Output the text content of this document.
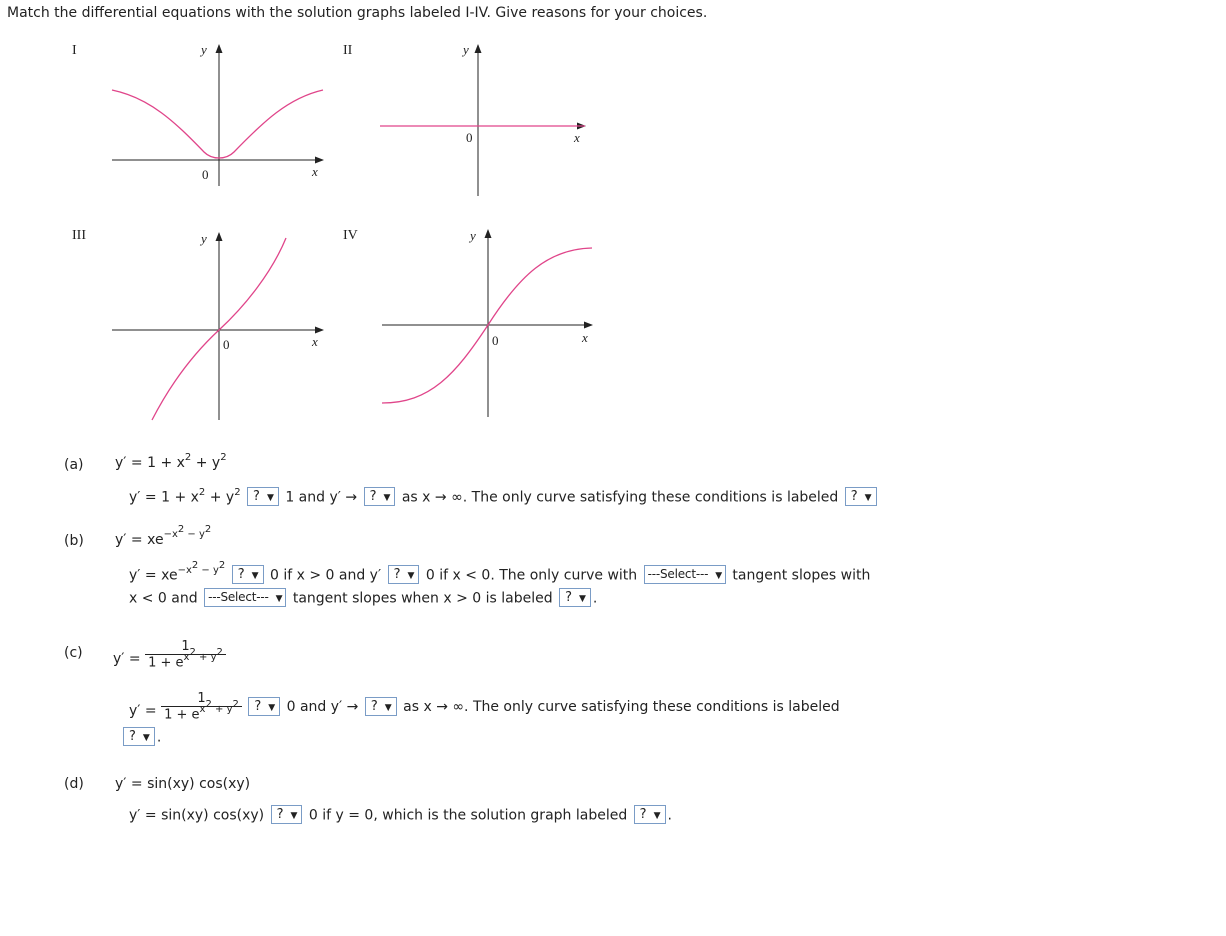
Match the differential equations with the solution graphs labeled I-IV. Give reasons for your choices.
I	II
III	IV
y
x
0
y
x
0
y
x
0
y
x
0
(a) $y' = 1 + x^2 + y^2$
$y' = 1 + x^2 + y^2$ ? ▼ 1 and y′ → ? ▼ as x → ∞. The only curve satisfying these conditions is labeled ? ▼
(b) $y' = xe^{-x^2 - y^2}$
$y' = xe^{-x^2 - y^2}$ ? ▼ 0 if x > 0 and y′ ? ▼ 0 if x < 0. The only curve with ---Select--- ▼ tangent slopes with
x < 0 and ---Select--- ▼ tangent slopes when x > 0 is labeled ? ▼ .
(c) $y' = \frac{1}{1 + e^{x^2 + y^2}}$
$y' = \frac{1}{1 + e^{x^2 + y^2}}$ ? ▼ 0 and y′ → ? ▼ as x → ∞. The only curve satisfying these conditions is labeled
? ▼ .
(d) y′ = sin(xy) cos(xy)
y′ = sin(xy) cos(xy) ? ▼ 0 if y = 0, which is the solution graph labeled ? ▼ .
